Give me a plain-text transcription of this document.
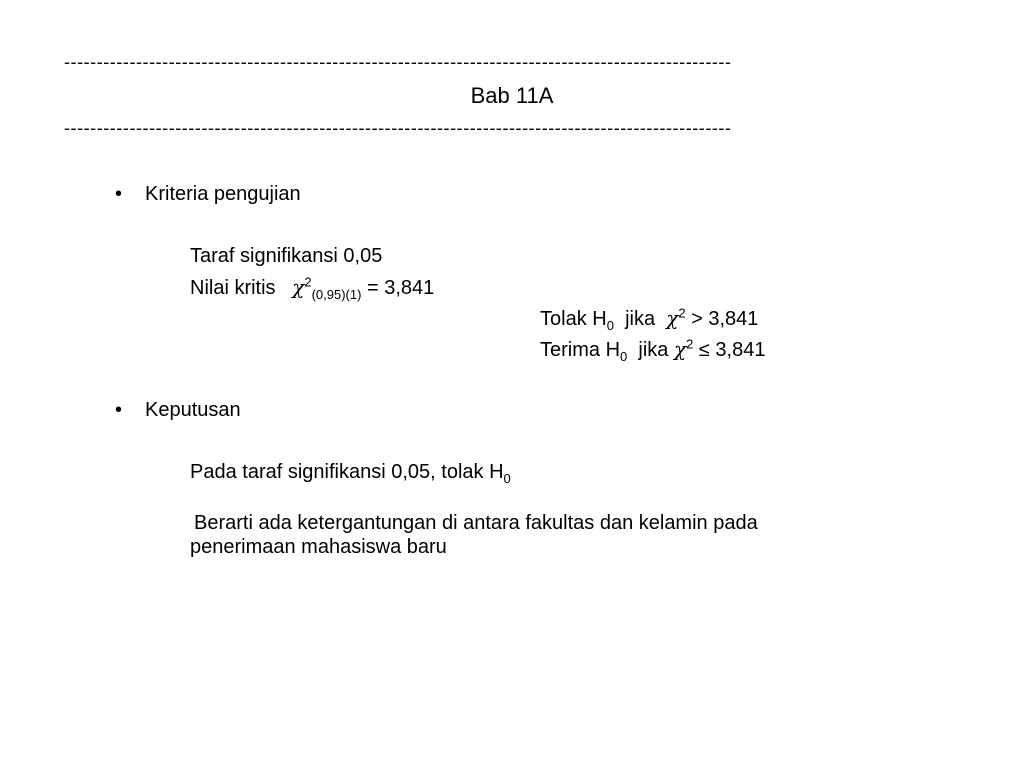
------------------------------------------------------------------------------------------------------
Bab 11A
------------------------------------------------------------------------------------------------------
•	Kriteria pengujian
Taraf signifikansi 0,05
Nilai kritis $\chi^2_{(0,95)(1)} = 3,841$
Tolak $H_0$ jika $\chi^2 > 3,841$
Terima $H_0$ jika $\chi^2 \le 3,841$
•	Keputusan
Pada taraf signifikansi 0,05, tolak $H_0$
Berarti ada ketergantungan di antara fakultas dan kelamin pada
penerimaan mahasiswa baru
